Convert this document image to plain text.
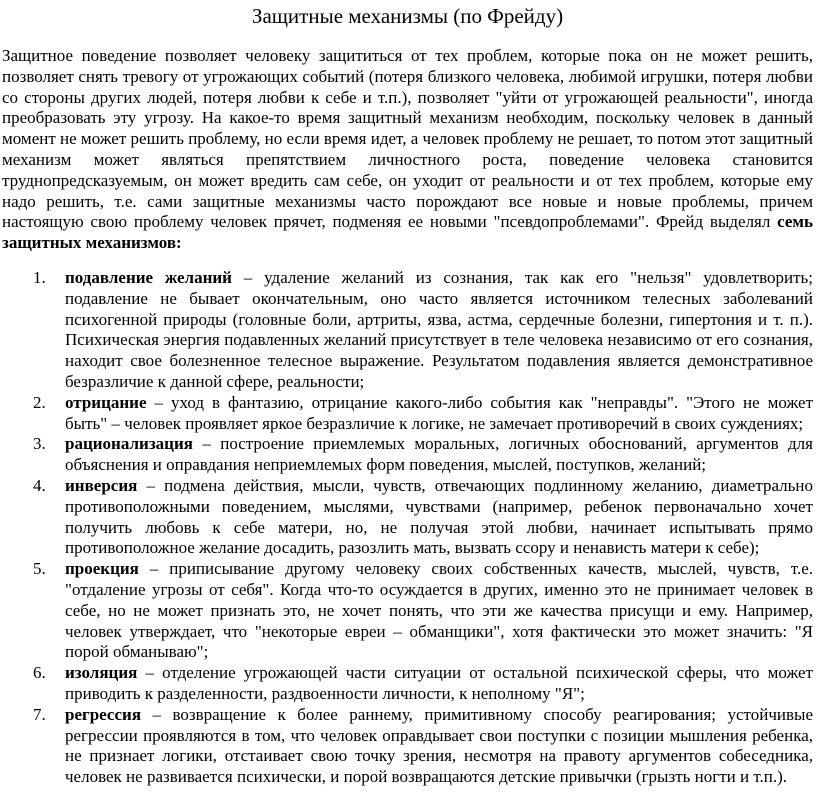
Защитные механизмы (по Фрейду)

Защитное поведение позволяет человеку защититься от тех проблем, которые пока он не может решить, позволяет снять тревогу от угрожающих событий (потеря близкого человека, любимой игрушки, потеря любви со стороны других людей, потеря любви к себе и т.п.), позволяет "уйти от угрожающей реальности", иногда преобразовать эту угрозу. На какое-то время защитный механизм необходим, поскольку человек в данный момент не может решить проблему, но если время идет, а человек проблему не решает, то потом этот защитный механизм может являться препятствием личностного роста, поведение человека становится труднопредсказуемым, он может вредить сам себе, он уходит от реальности и от тех проблем, которые ему надо решить, т.е. сами защитные механизмы часто порождают все новые и новые проблемы, причем настоящую свою проблему человек прячет, подменяя ее новыми "псевдопроблемами". Фрейд выделял семь защитных механизмов:

1. подавление желаний – удаление желаний из сознания, так как его "нельзя" удовлетворить; подавление не бывает окончательным, оно часто является источником телесных заболеваний психогенной природы (головные боли, артриты, язва, астма, сердечные болезни, гипертония и т. п.). Психическая энергия подавленных желаний присутствует в теле человека независимо от его сознания, находит свое болезненное телесное выражение. Результатом подавления является демонстративное безразличие к данной сфере, реальности;
2. отрицание – уход в фантазию, отрицание какого-либо события как "неправды". "Этого не может быть" – человек проявляет яркое безразличие к логике, не замечает противоречий в своих суждениях;
3. рационализация – построение приемлемых моральных, логичных обоснований, аргументов для объяснения и оправдания неприемлемых форм поведения, мыслей, поступков, желаний;
4. инверсия – подмена действия, мысли, чувств, отвечающих подлинному желанию, диаметрально противоположными поведением, мыслями, чувствами (например, ребенок первоначально хочет получить любовь к себе матери, но, не получая этой любви, начинает испытывать прямо противоположное желание досадить, разозлить мать, вызвать ссору и ненависть матери к себе);
5. проекция – приписывание другому человеку своих собственных качеств, мыслей, чувств, т.е. "отдаление угрозы от себя". Когда что-то осуждается в других, именно это не принимает человек в себе, но не может признать это, не хочет понять, что эти же качества присущи и ему. Например, человек утверждает, что "некоторые евреи – обманщики", хотя фактически это может значить: "Я порой обманываю";
6. изоляция – отделение угрожающей части ситуации от остальной психической сферы, что может приводить к разделенности, раздвоенности личности, к неполному "Я";
7. регрессия – возвращение к более раннему, примитивному способу реагирования; устойчивые регрессии проявляются в том, что человек оправдывает свои поступки с позиции мышления ребенка, не признает логики, отстаивает свою точку зрения, несмотря на правоту аргументов собеседника, человек не развивается психически, и порой возвращаются детские привычки (грызть ногти и т.п.).
